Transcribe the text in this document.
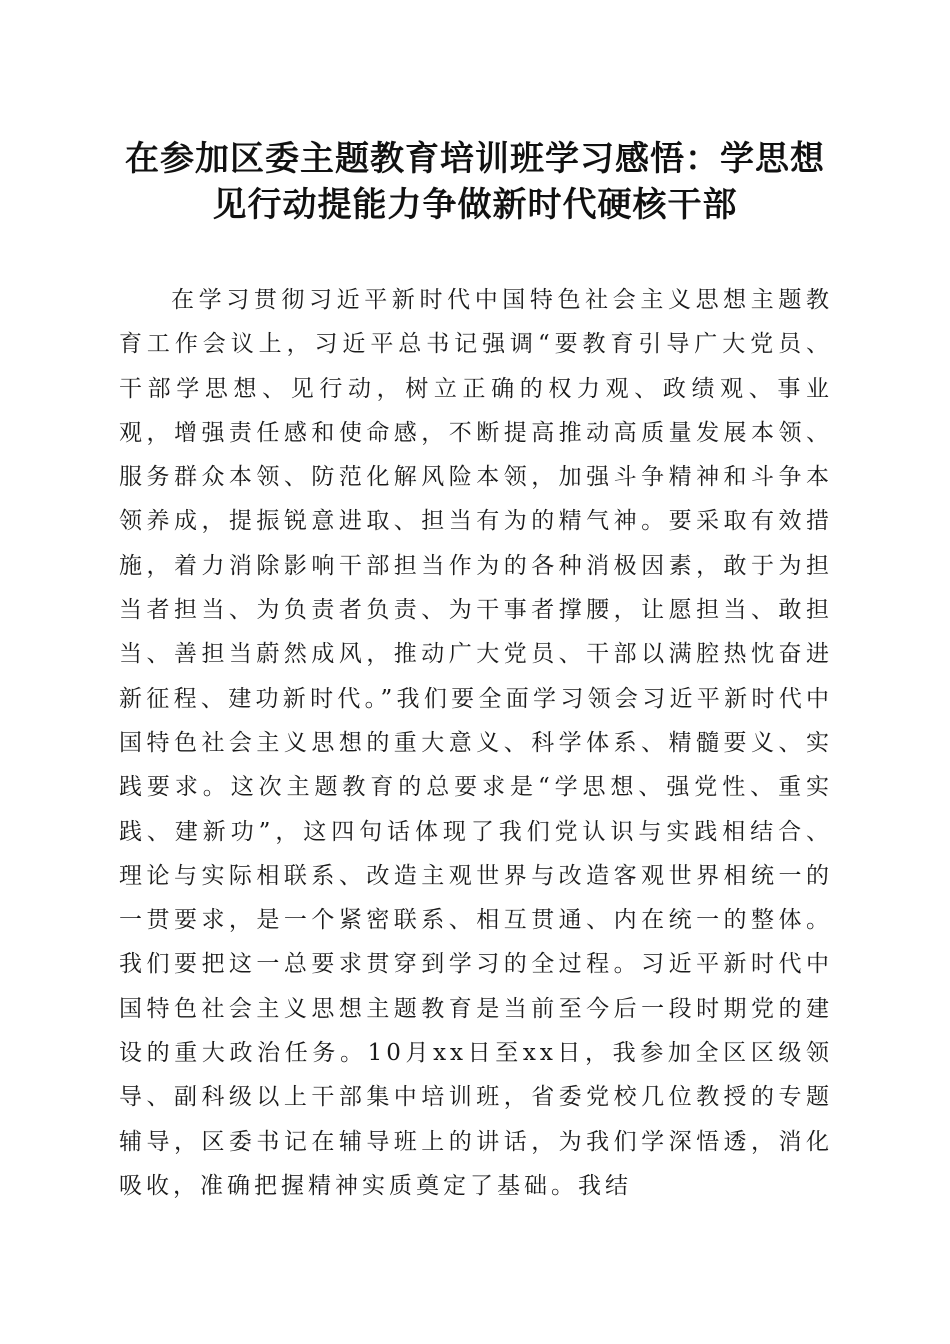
在参加区委主题教育培训班学习感悟：学思想见行动提能力争做新时代硬核干部

在学习贯彻习近平新时代中国特色社会主义思想主题教育工作会议上，习近平总书记强调“要教育引导广大党员、干部学思想、见行动，树立正确的权力观、政绩观、事业观，增强责任感和使命感，不断提高推动高质量发展本领、服务群众本领、防范化解风险本领，加强斗争精神和斗争本领养成，提振锐意进取、担当有为的精气神。要采取有效措施，着力消除影响干部担当作为的各种消极因素，敢于为担当者担当、为负责者负责、为干事者撑腰，让愿担当、敢担当、善担当蔚然成风，推动广大党员、干部以满腔热忱奋进新征程、建功新时代。”我们要全面学习领会习近平新时代中国特色社会主义思想的重大意义、科学体系、精髓要义、实践要求。这次主题教育的总要求是“学思想、强党性、重实践、建新功”，这四句话体现了我们党认识与实践相结合、理论与实际相联系、改造主观世界与改造客观世界相统一的一贯要求，是一个紧密联系、相互贯通、内在统一的整体。我们要把这一总要求贯穿到学习的全过程。习近平新时代中国特色社会主义思想主题教育是当前至今后一段时期党的建设的重大政治任务。10月xx日至xx日，我参加全区区级领导、副科级以上干部集中培训班，省委党校几位教授的专题辅导，区委书记在辅导班上的讲话，为我们学深悟透，消化吸收，准确把握精神实质奠定了基础。我结
